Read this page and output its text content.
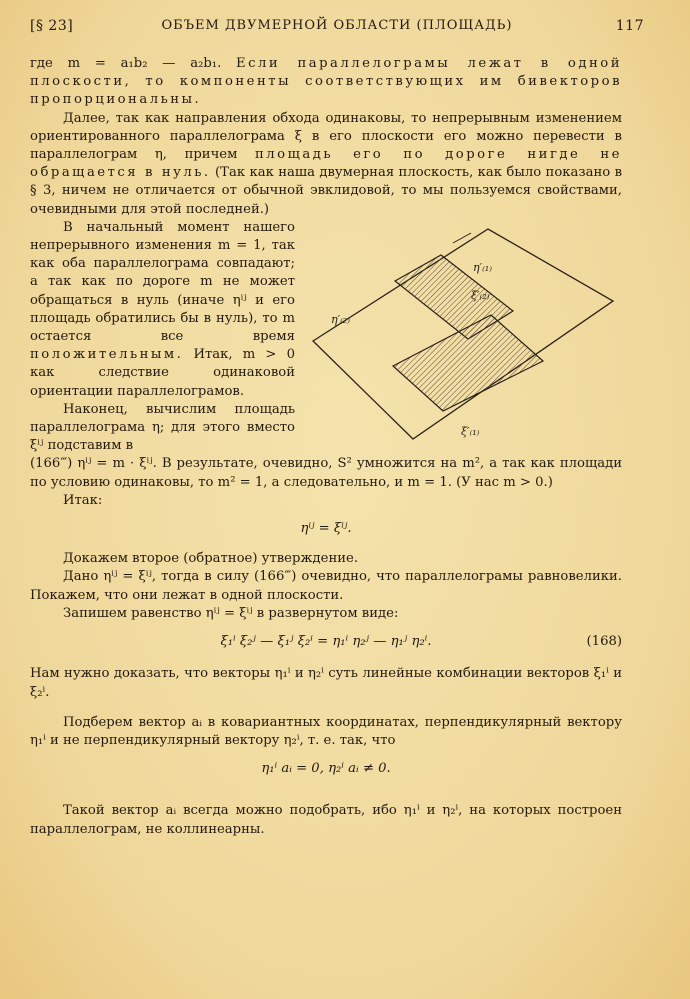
[§ 23]	ОБЪЕМ ДВУМЕРНОЙ ОБЛАСТИ (ПЛОЩАДЬ)	117

где m = a₁b₂ — a₂b₁. Если параллелограмы лежат в одной плоскости, то компоненты соответствующих им бивекторов пропорциональны.

Далее, так как направления обхода одинаковы, то непрерывным изменением ориентированного параллелограма ξ в его плоскости его можно перевести в параллелограм η, причем площадь его по дороге нигде не обращается в нуль. (Так как наша двумерная плоскость, как было показано в § 3, ничем не отличается от обычной эвклидовой, то мы пользуемся свойствами, очевидными для этой последней.)

В начальный момент нашего непрерывного изменения m = 1, так как оба параллелограма совпадают; а так как по дороге m не может обращаться в нуль (иначе ηⁱʲ и его площадь обратились бы в нуль), то m остается все время положительным. Итак, m > 0 как следствие одинаковой ориентации параллелограмов.

Наконец, вычислим площадь параллелограма η; для этого вместо ξⁱʲ подставим в

η′₍₁₎
ξ′₍₂₎
η′₍₂₎
ξ′₍₁₎

(166‴) ηⁱʲ = m · ξⁱʲ. В результате, очевидно, S² умножится на m², а так как площади по условию одинаковы, то m² = 1, а следовательно, и m = 1. (У нас m > 0.)

Итак:

ηⁱʲ = ξⁱʲ.

Докажем второе (обратное) утверждение.

Дано ηⁱʲ = ξⁱʲ, тогда в силу (166‴) очевидно, что параллелограмы равновелики. Покажем, что они лежат в одной плоскости.

Запишем равенство ηⁱʲ = ξⁱʲ в развернутом виде:

ξ₁ⁱ ξ₂ʲ — ξ₁ʲ ξ₂ⁱ = η₁ⁱ η₂ʲ — η₁ʲ η₂ⁱ.	(168)

Нам нужно доказать, что векторы η₁ⁱ и η₂ⁱ суть линейные комбинации векторов ξ₁ⁱ и ξ₂ⁱ.

Подберем вектор aᵢ в ковариантных координатах, перпендикулярный вектору η₁ⁱ и не перпендикулярный вектору η₂ⁱ, т. е. так, что

η₁ⁱ aᵢ = 0, η₂ⁱ aᵢ ≠ 0.

Такой вектор aᵢ всегда можно подобрать, ибо η₁ⁱ и η₂ⁱ, на которых построен параллелограм, не коллинеарны.
